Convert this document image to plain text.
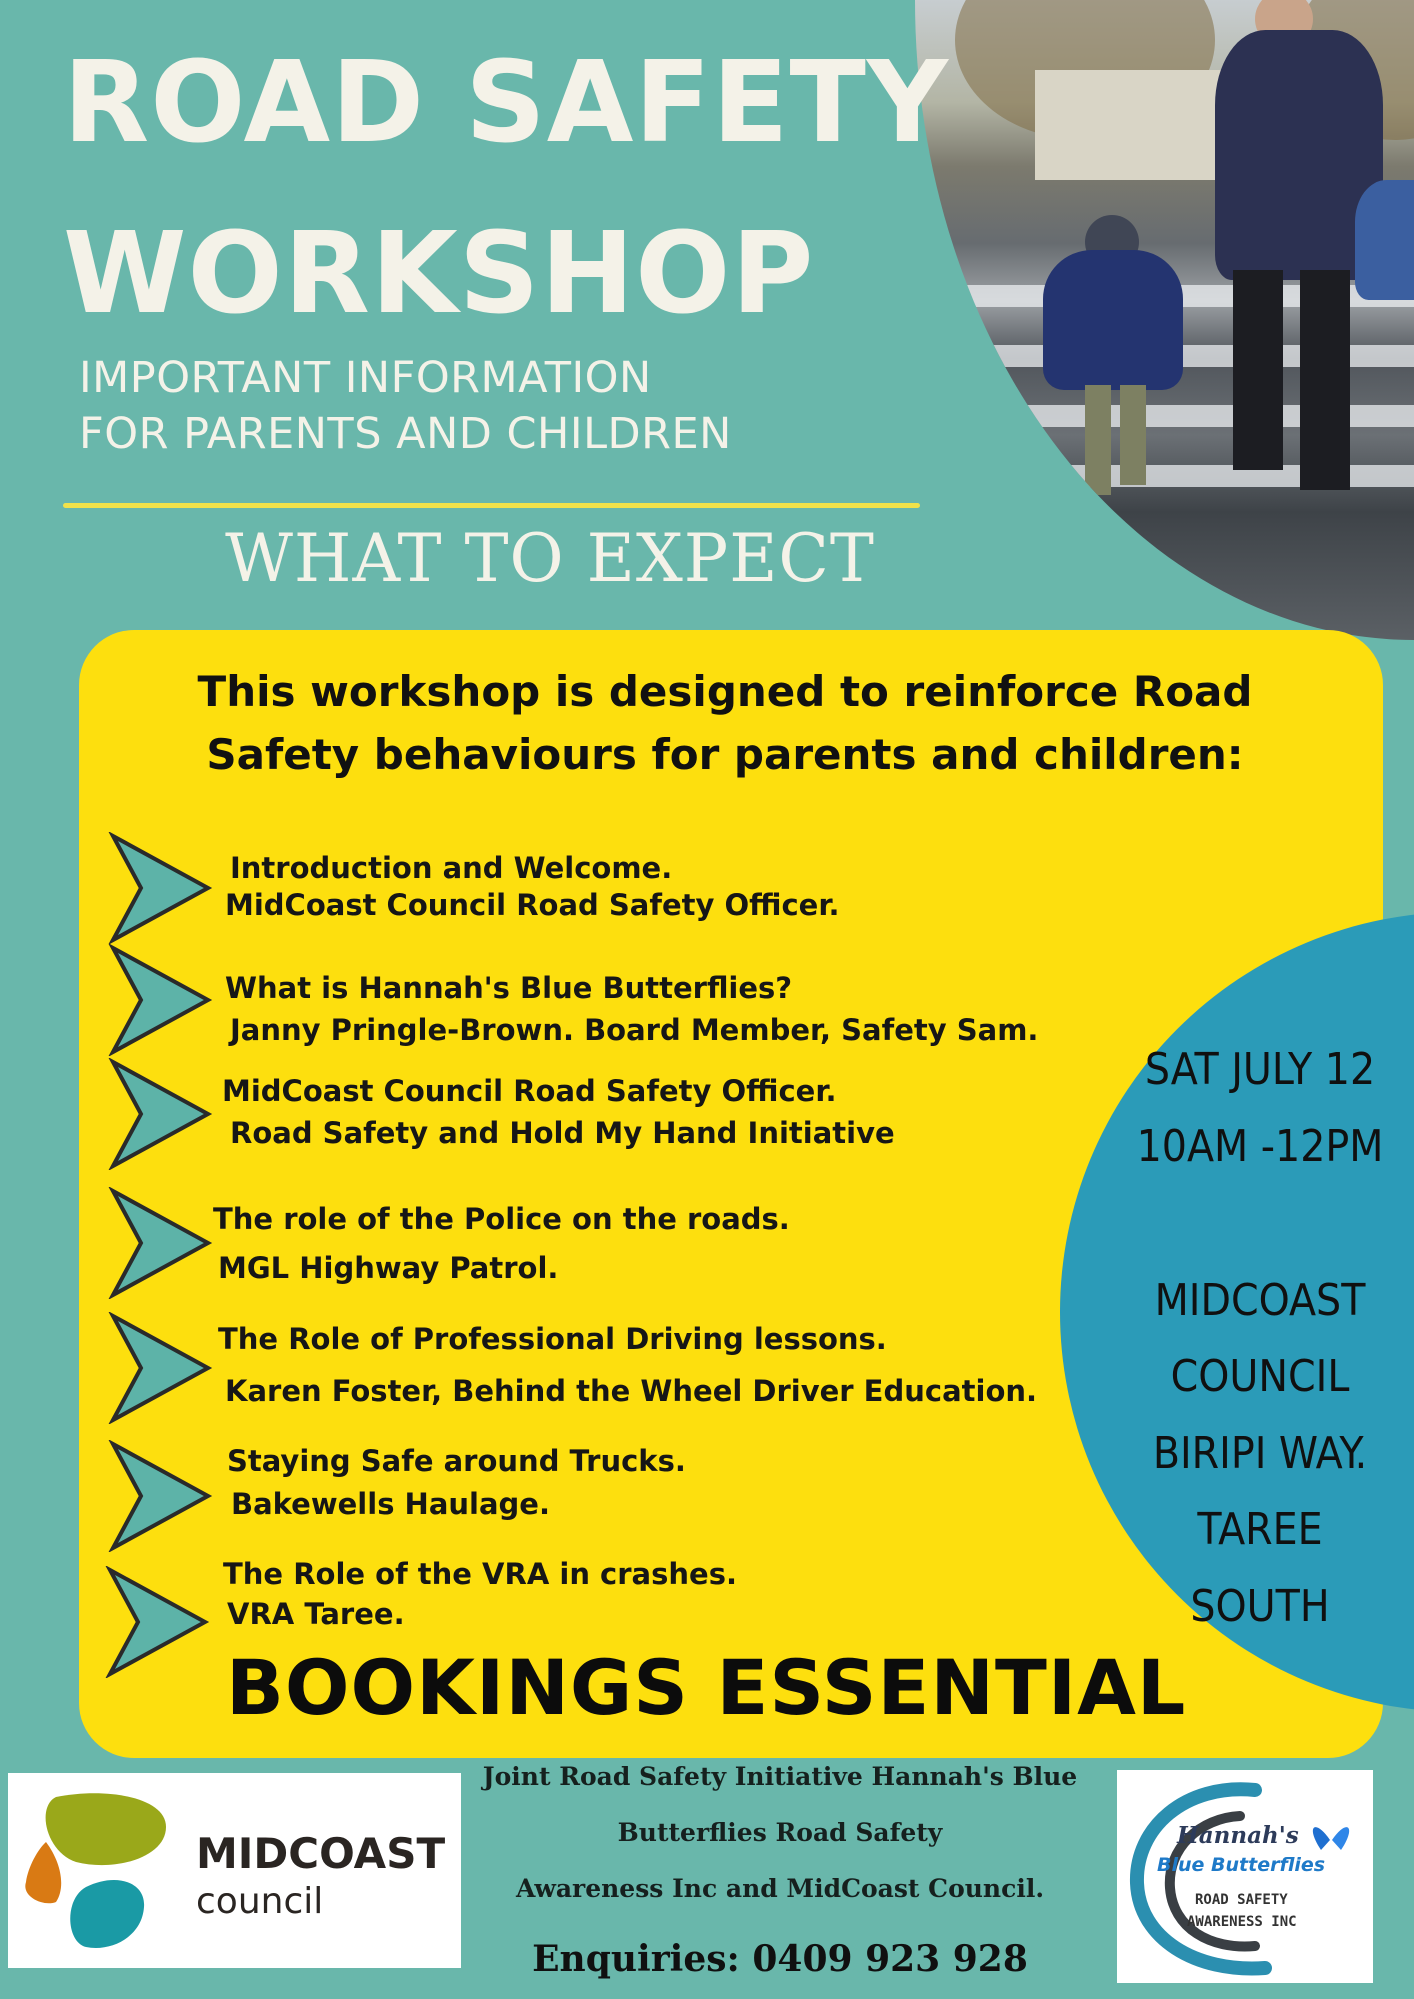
ROAD SAFETY
WORKSHOP
IMPORTANT INFORMATION
FOR PARENTS AND CHILDREN
WHAT TO EXPECT
This workshop is designed to reinforce Road
Safety behaviours for parents and children:
Introduction and Welcome.
MidCoast Council Road Safety Officer.
What is Hannah's Blue Butterflies?
Janny Pringle-Brown. Board Member, Safety Sam.
MidCoast Council Road Safety Officer.
Road Safety and Hold My Hand Initiative
The role of the Police on the roads.
MGL Highway Patrol.
The Role of Professional Driving lessons.
Karen Foster, Behind the Wheel Driver Education.
Staying Safe around Trucks.
Bakewells Haulage.
The Role of the VRA in crashes.
VRA Taree.
SAT JULY 12
10AM -12PM
MIDCOAST
COUNCIL
BIRIPI WAY.
TAREE
SOUTH
BOOKINGS ESSENTIAL
MIDCOAST
council
Joint Road Safety Initiative Hannah's Blue
Butterflies Road Safety
Awareness Inc and MidCoast Council.
Enquiries: 0409 923 928
Hannah's
Blue Butterflies
ROAD SAFETY
AWARENESS INC
